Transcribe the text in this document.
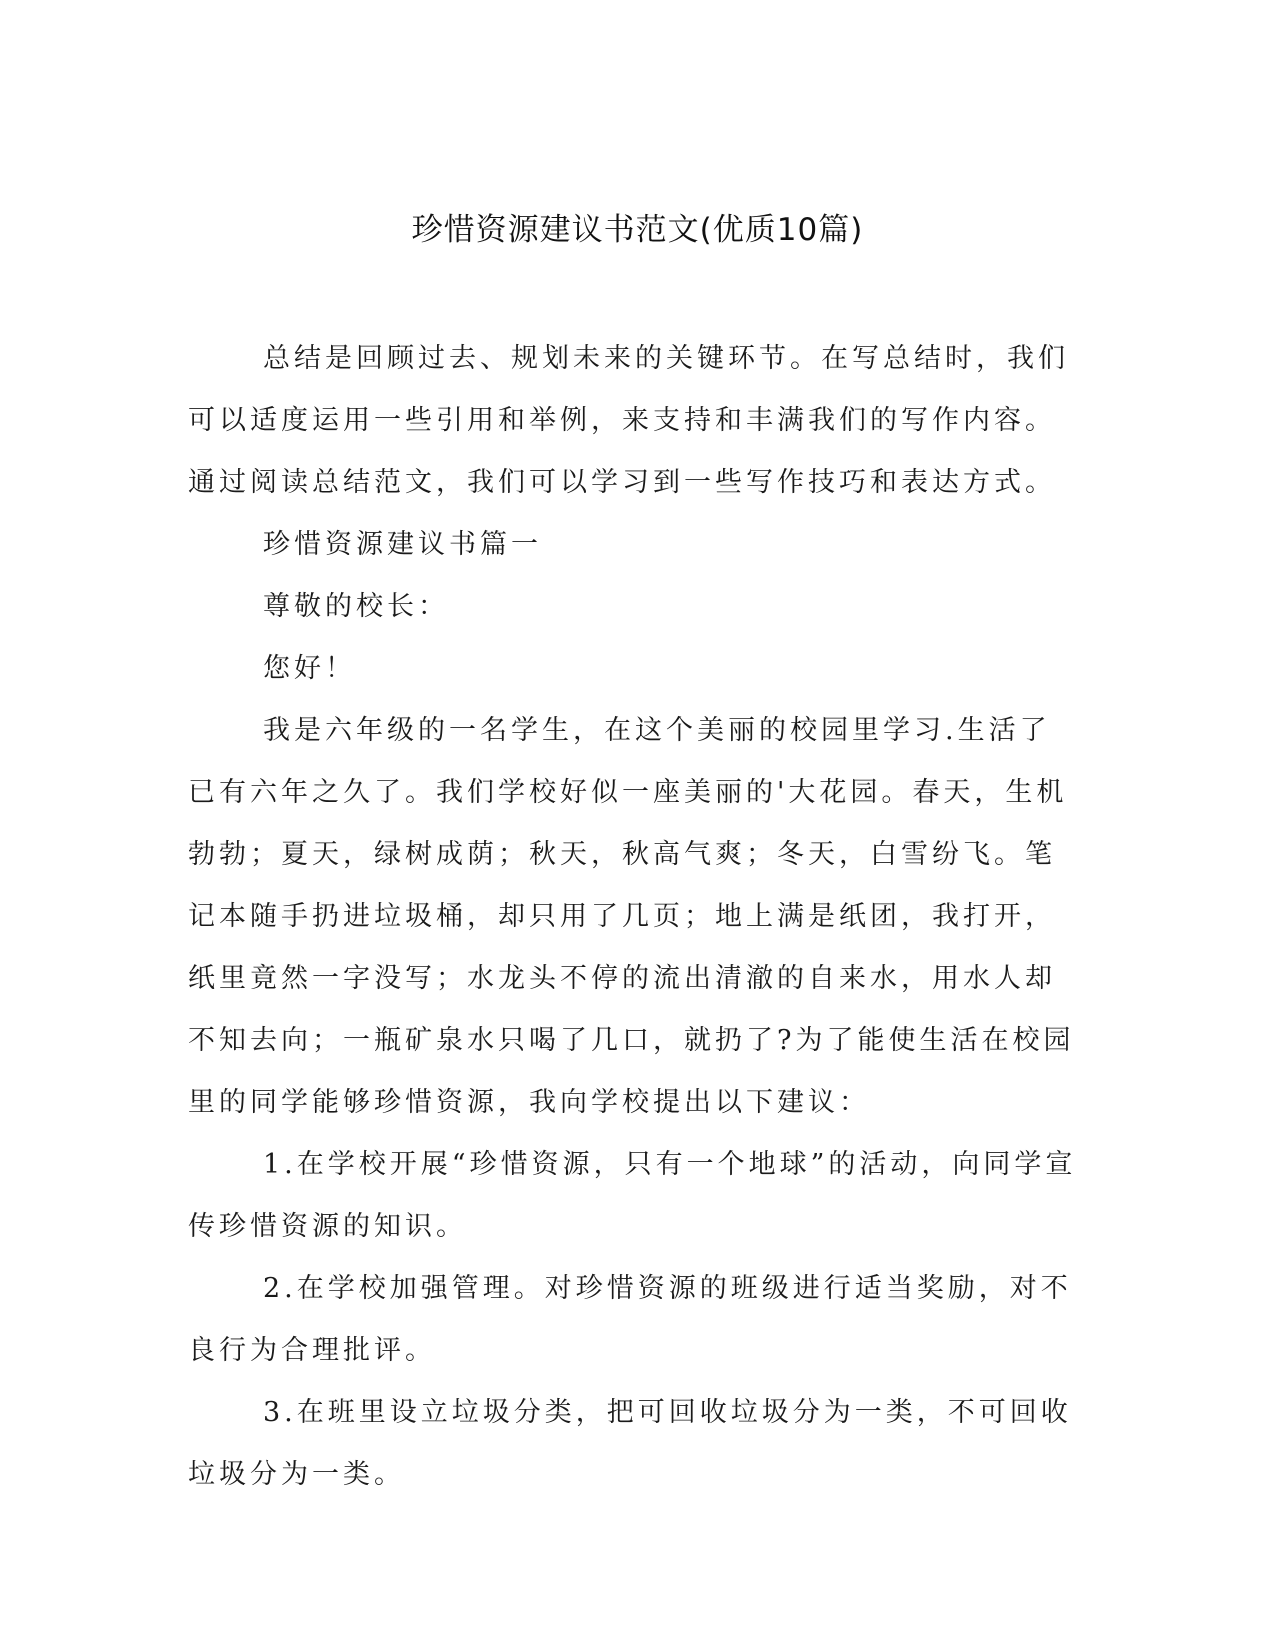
珍惜资源建议书范文(优质10篇)

总结是回顾过去、规划未来的关键环节。在写总结时，我们可以适度运用一些引用和举例，来支持和丰满我们的写作内容。通过阅读总结范文，我们可以学习到一些写作技巧和表达方式。

珍惜资源建议书篇一

尊敬的校长：

您好！

我是六年级的一名学生，在这个美丽的校园里学习.生活了已有六年之久了。我们学校好似一座美丽的'大花园。春天，生机勃勃；夏天，绿树成荫；秋天，秋高气爽；冬天，白雪纷飞。笔记本随手扔进垃圾桶，却只用了几页；地上满是纸团，我打开，纸里竟然一字没写；水龙头不停的流出清澈的自来水，用水人却不知去向；一瓶矿泉水只喝了几口，就扔了?为了能使生活在校园里的同学能够珍惜资源，我向学校提出以下建议：

1.在学校开展“珍惜资源，只有一个地球”的活动，向同学宣传珍惜资源的知识。

2.在学校加强管理。对珍惜资源的班级进行适当奖励，对不良行为合理批评。

3.在班里设立垃圾分类，把可回收垃圾分为一类，不可回收垃圾分为一类。
